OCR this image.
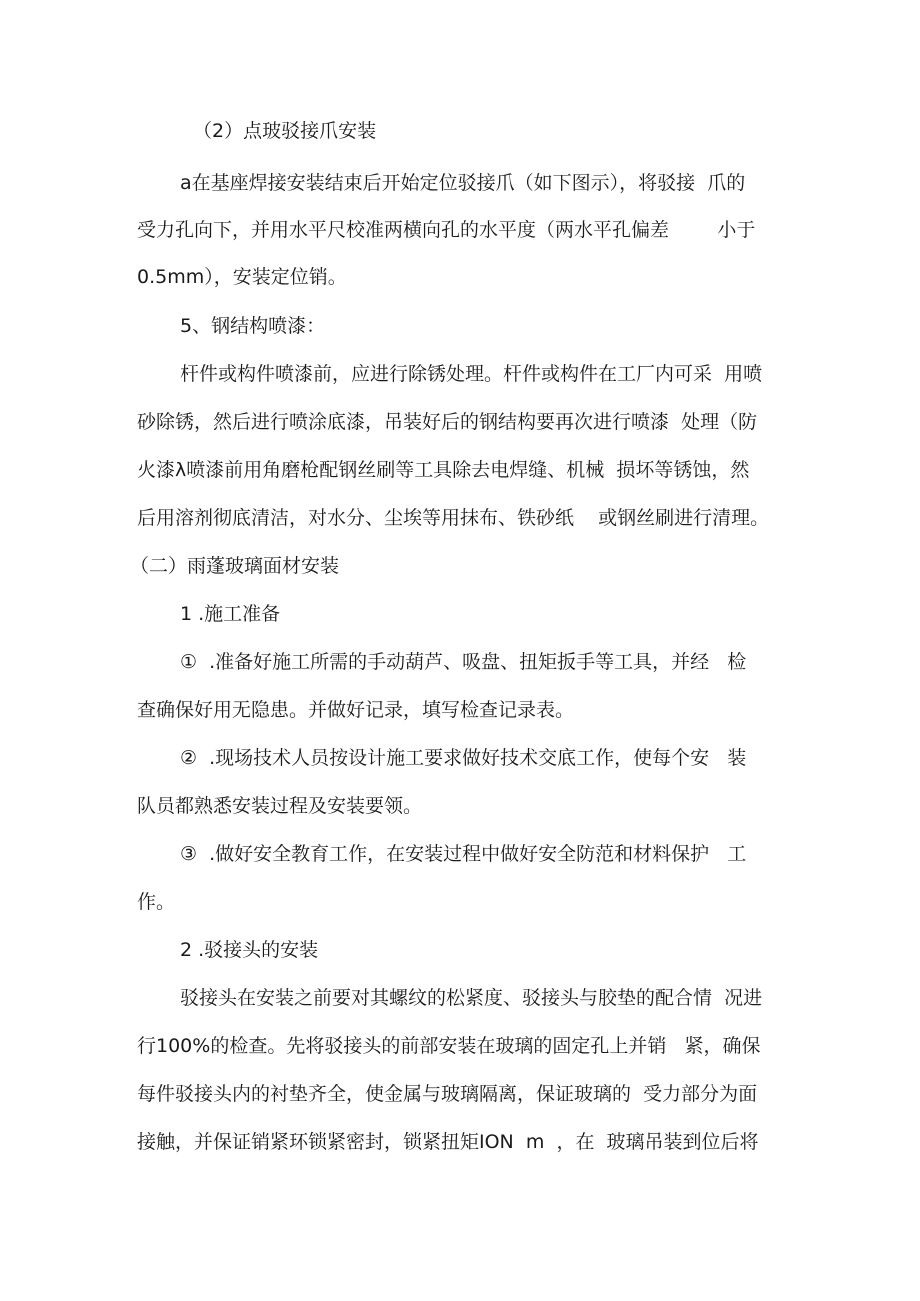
（2）点玻驳接爪安装
a在基座焊接安装结束后开始定位驳接爪（如下图示），将驳接  爪的
受力孔向下，并用水平尺校准两横向孔的水平度（两水平孔偏差        小于
0.5mm），安装定位销。
5、钢结构喷漆：
杆件或构件喷漆前，应进行除锈处理。杆件或构件在工厂内可采  用喷
砂除锈，然后进行喷涂底漆，吊装好后的钢结构要再次进行喷漆  处理（防
火漆λ喷漆前用角磨枪配钢丝刷等工具除去电焊缝、机械  损坏等锈蚀，然
后用溶剂彻底清洁，对水分、尘埃等用抹布、铁砂纸    或钢丝刷进行清理。
（二）雨蓬玻璃面材安装
1 .施工准备
①  .准备好施工所需的手动葫芦、吸盘、扭矩扳手等工具，并经   检
查确保好用无隐患。并做好记录，填写检查记录表。
②  .现场技术人员按设计施工要求做好技术交底工作，使每个安   装
队员都熟悉安装过程及安装要领。
③  .做好安全教育工作，在安装过程中做好安全防范和材料保护   工
作。
2 .驳接头的安装
驳接头在安装之前要对其螺纹的松紧度、驳接头与胶垫的配合情  况进
行100%的检查。先将驳接头的前部安装在玻璃的固定孔上并销   紧，确保
每件驳接头内的衬垫齐全，使金属与玻璃隔离，保证玻璃的  受力部分为面
接触，并保证销紧环锁紧密封，锁紧扭矩ION  m  ，在  玻璃吊装到位后将
